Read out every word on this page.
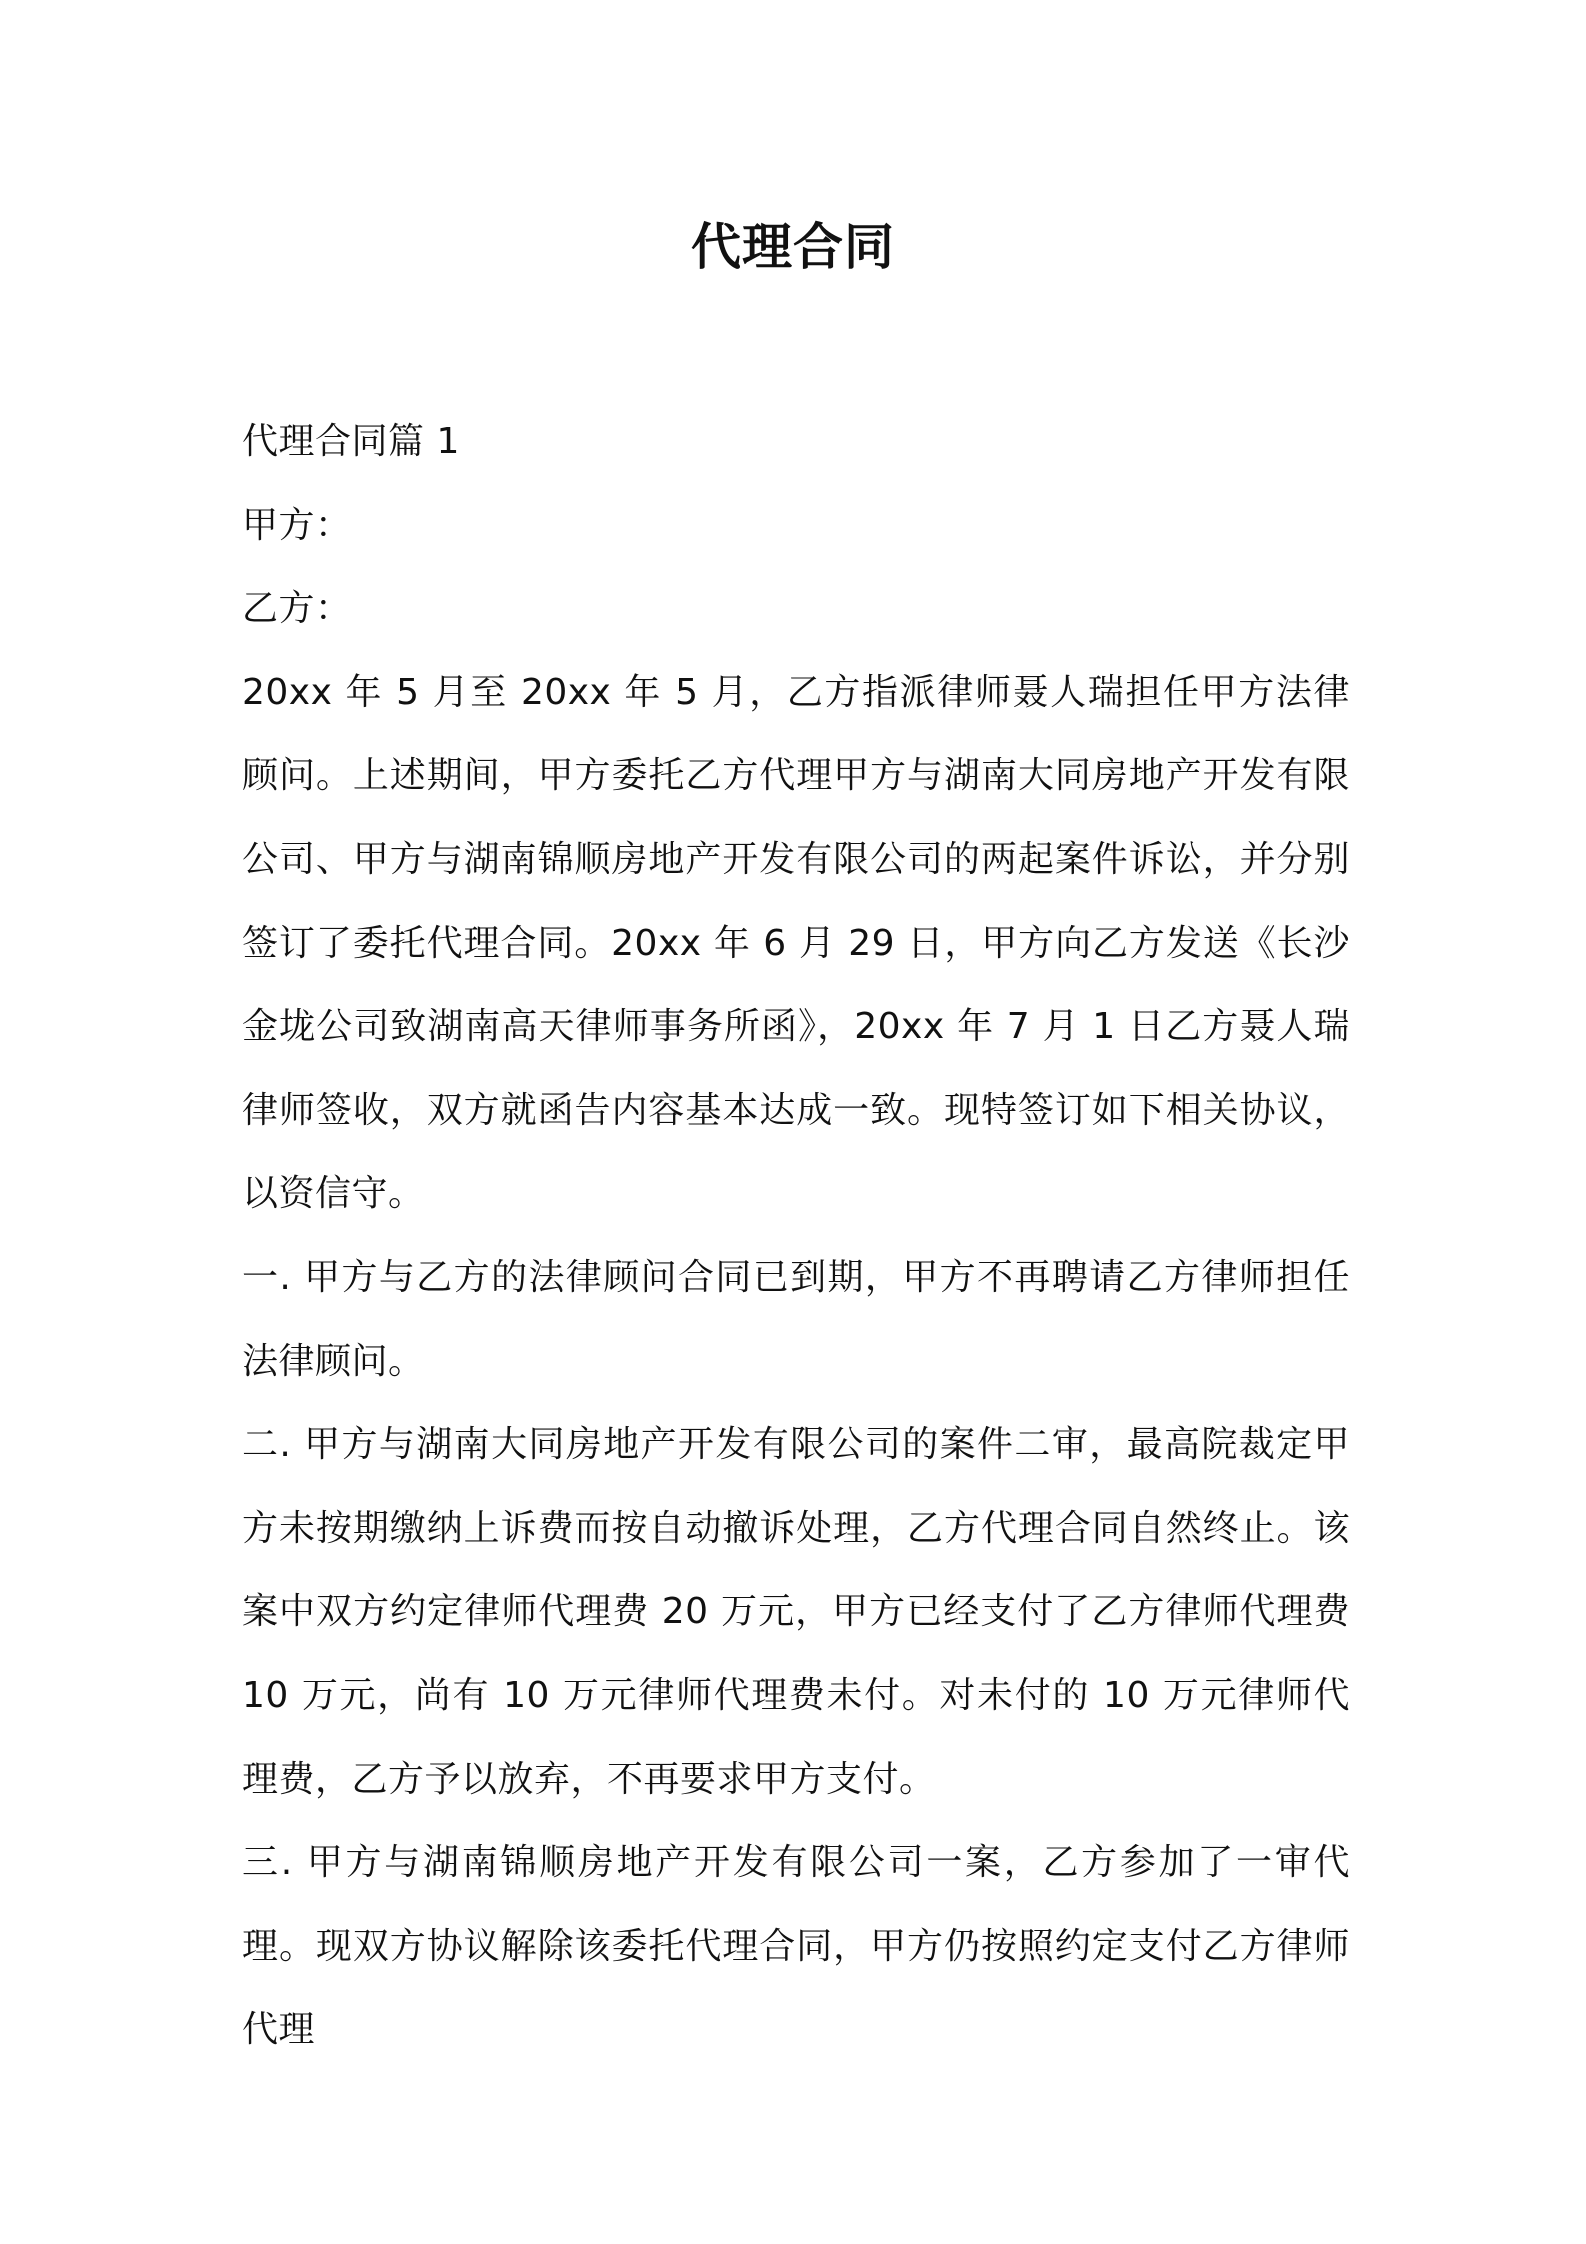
代理合同

代理合同篇 1

甲方：

乙方：

20xx 年 5 月至 20xx 年 5 月，乙方指派律师聂人瑞担任甲方法律顾问。上述期间，甲方委托乙方代理甲方与湖南大同房地产开发有限公司、甲方与湖南锦顺房地产开发有限公司的两起案件诉讼，并分别签订了委托代理合同。20xx 年 6 月 29 日，甲方向乙方发送《长沙金垅公司致湖南高天律师事务所函》，20xx 年 7 月 1 日乙方聂人瑞律师签收，双方就函告内容基本达成一致。现特签订如下相关协议，以资信守。

一. 甲方与乙方的法律顾问合同已到期，甲方不再聘请乙方律师担任法律顾问。

二. 甲方与湖南大同房地产开发有限公司的案件二审，最高院裁定甲方未按期缴纳上诉费而按自动撤诉处理，乙方代理合同自然终止。该案中双方约定律师代理费 20 万元，甲方已经支付了乙方律师代理费 10 万元，尚有 10 万元律师代理费未付。对未付的 10 万元律师代理费，乙方予以放弃，不再要求甲方支付。

三. 甲方与湖南锦顺房地产开发有限公司一案，乙方参加了一审代理。现双方协议解除该委托代理合同，甲方仍按照约定支付乙方律师代理
